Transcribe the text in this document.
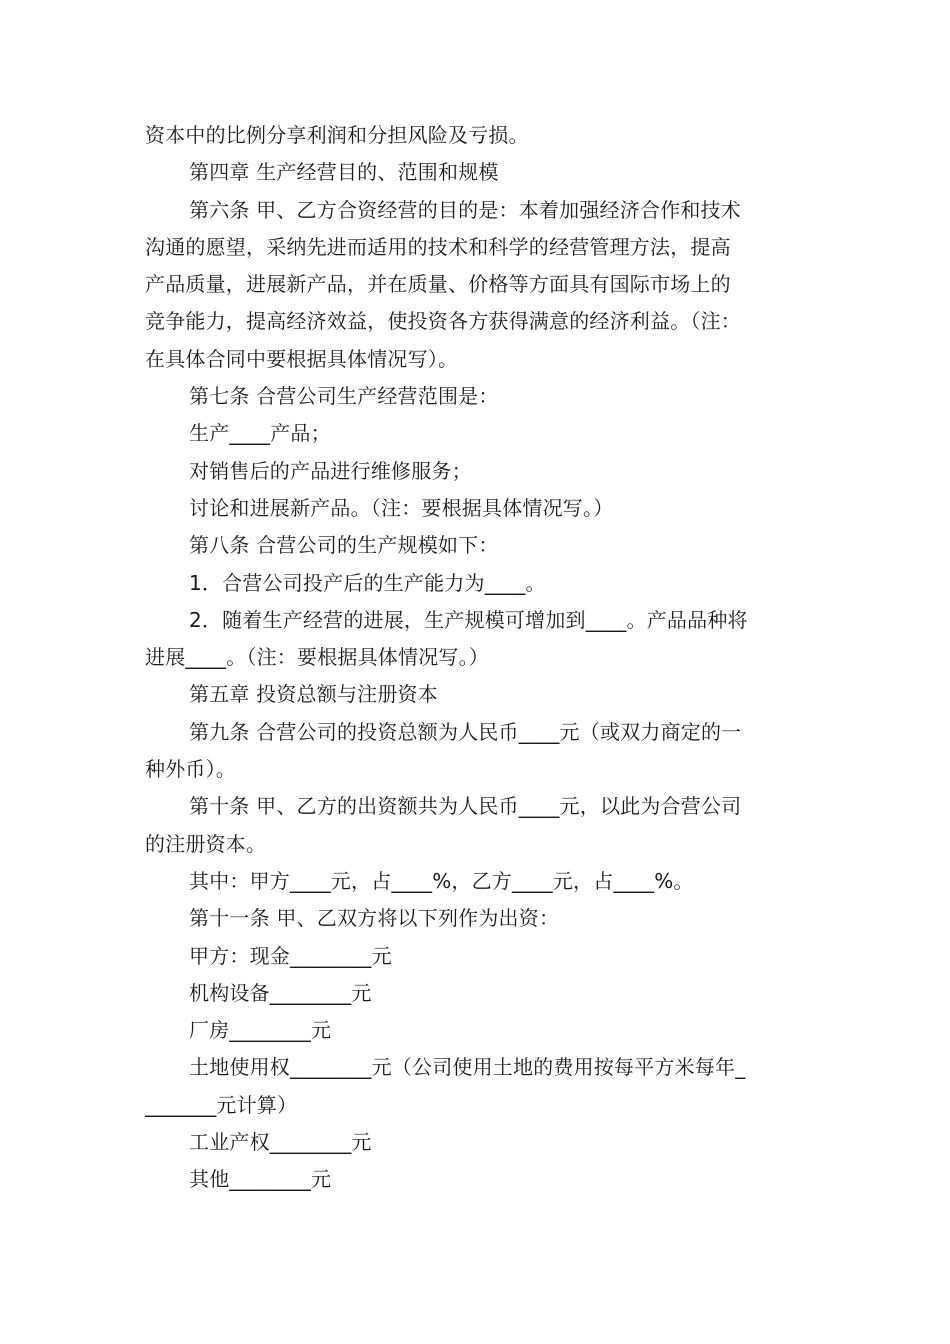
资本中的比例分享利润和分担风险及亏损。
第四章 生产经营目的、范围和规模
第六条 甲、乙方合资经营的目的是：本着加强经济合作和技术
沟通的愿望，采纳先进而适用的技术和科学的经营管理方法，提高
产品质量，进展新产品，并在质量、价格等方面具有国际市场上的
竞争能力，提高经济效益，使投资各方获得满意的经济利益。（注：
在具体合同中要根据具体情况写）。
第七条 合营公司生产经营范围是：
生产____产品；
对销售后的产品进行维修服务；
讨论和进展新产品。（注：要根据具体情况写。）
第八条 合营公司的生产规模如下：
1．合营公司投产后的生产能力为____。
2．随着生产经营的进展，生产规模可增加到____。产品品种将
进展____。（注：要根据具体情况写。）
第五章 投资总额与注册资本
第九条 合营公司的投资总额为人民币____元（或双力商定的一
种外币）。
第十条 甲、乙方的出资额共为人民币____元，以此为合营公司
的注册资本。
其中：甲方____元，占____%，乙方____元，占____%。
第十一条 甲、乙双方将以下列作为出资：
甲方：现金________元
机构设备________元
厂房________元
土地使用权________元（公司使用土地的费用按每平方米每年_
_______元计算）
工业产权________元
其他________元
